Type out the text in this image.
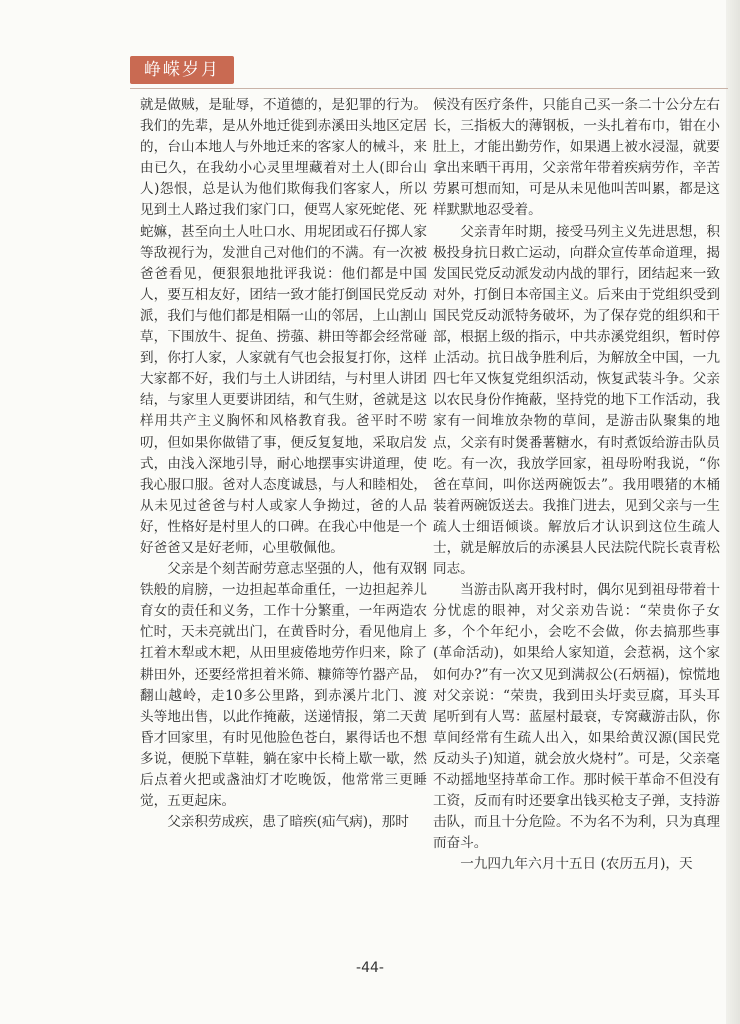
峥嵘岁月

就是做贼，是耻辱，不道德的，是犯罪的行为。我们的先辈，是从外地迁徙到赤溪田头地区定居的，台山本地人与外地迁来的客家人的械斗，来由已久，在我幼小心灵里埋藏着对土人(即台山人)怨恨，总是认为他们欺侮我们客家人，所以见到土人路过我们家门口，便骂人家死蛇佬、死蛇嫲，甚至向土人吐口水、用坭团或石仔掷人家等敌视行为，发泄自己对他们的不满。有一次被爸爸看见，便狠狠地批评我说：他们都是中国人，要互相友好，团结一致才能打倒国民党反动派，我们与他们都是相隔一山的邻居，上山割山草，下围放牛、捉鱼、捞蔃、耕田等都会经常碰到，你打人家，人家就有气也会报复打你，这样大家都不好，我们与土人讲团结，与村里人讲团结，与家里人更要讲团结，和气生财，爸就是这样用共产主义胸怀和风格教育我。爸平时不唠叨，但如果你做错了事，便反复复地，采取启发式，由浅入深地引导，耐心地摆事实讲道理，使我心服口服。爸对人态度诚恳，与人和睦相处，从未见过爸爸与村人或家人争拗过，爸的人品好，性格好是村里人的口碑。在我心中他是一个好爸爸又是好老师，心里敬佩他。

父亲是个刻苦耐劳意志坚强的人，他有双钢铁般的肩膀，一边担起革命重任，一边担起养儿育女的责任和义务，工作十分繁重，一年两造农忙时，天未亮就出门，在黄昏时分，看见他肩上扛着木犁或木耙，从田里疲倦地劳作归来，除了耕田外，还要经常担着米筛、糠筛等竹器产品，翻山越岭，走10多公里路，到赤溪片北门、渡头等地出售，以此作掩蔽，送递情报，第二天黄昏才回家里，有时见他脸色苍白，累得话也不想多说，便脱下草鞋，躺在家中长椅上歇一歇，然后点着火把或盏油灯才吃晚饭，他常常三更睡觉，五更起床。

父亲积劳成疾，患了暗疾(疝气病)，那时

候没有医疗条件，只能自己买一条二十公分左右长，三指板大的薄钢板，一头扎着布巾，钳在小肚上，才能出勤劳作，如果遇上被水浸湿，就要拿出来晒干再用，父亲常年带着疾病劳作，辛苦劳累可想而知，可是从未见他叫苦叫累，都是这样默默地忍受着。

父亲青年时期，接受马列主义先进思想，积极投身抗日救亡运动，向群众宣传革命道理，揭发国民党反动派发动内战的罪行，团结起来一致对外，打倒日本帝国主义。后来由于党组织受到国民党反动派特务破坏，为了保存党的组织和干部，根据上级的指示，中共赤溪党组织，暂时停止活动。抗日战争胜利后，为解放全中国，一九四七年又恢复党组织活动，恢复武装斗争。父亲以农民身份作掩蔽，坚持党的地下工作活动，我家有一间堆放杂物的草间，是游击队聚集的地点，父亲有时煲番薯糖水，有时煮饭给游击队员吃。有一次，我放学回家，祖母吩咐我说，“你爸在草间，叫你送两碗饭去”。我用喂猪的木桶装着两碗饭送去。我推门进去，见到父亲与一生疏人士细语倾谈。解放后才认识到这位生疏人士，就是解放后的赤溪县人民法院代院长袁青松同志。

当游击队离开我村时，偶尔见到祖母带着十分忧虑的眼神，对父亲劝告说：“荣贵你子女多，个个年纪小，会吃不会做，你去搞那些事(革命活动)，如果给人家知道，会惹祸，这个家如何办?”有一次又见到满叔公(石炳福)，惊慌地对父亲说：“荣贵，我到田头圩卖豆腐，耳头耳尾听到有人骂：蓝屋村最衰，专窝藏游击队，你草间经常有生疏人出入，如果给黄汉源(国民党反动头子)知道，就会放火烧村”。可是，父亲毫不动摇地坚持革命工作。那时候干革命不但没有工资，反而有时还要拿出钱买枪支子弹，支持游击队，而且十分危险。不为名不为利，只为真理而奋斗。

一九四九年六月十五日 (农历五月)，天

-44-
